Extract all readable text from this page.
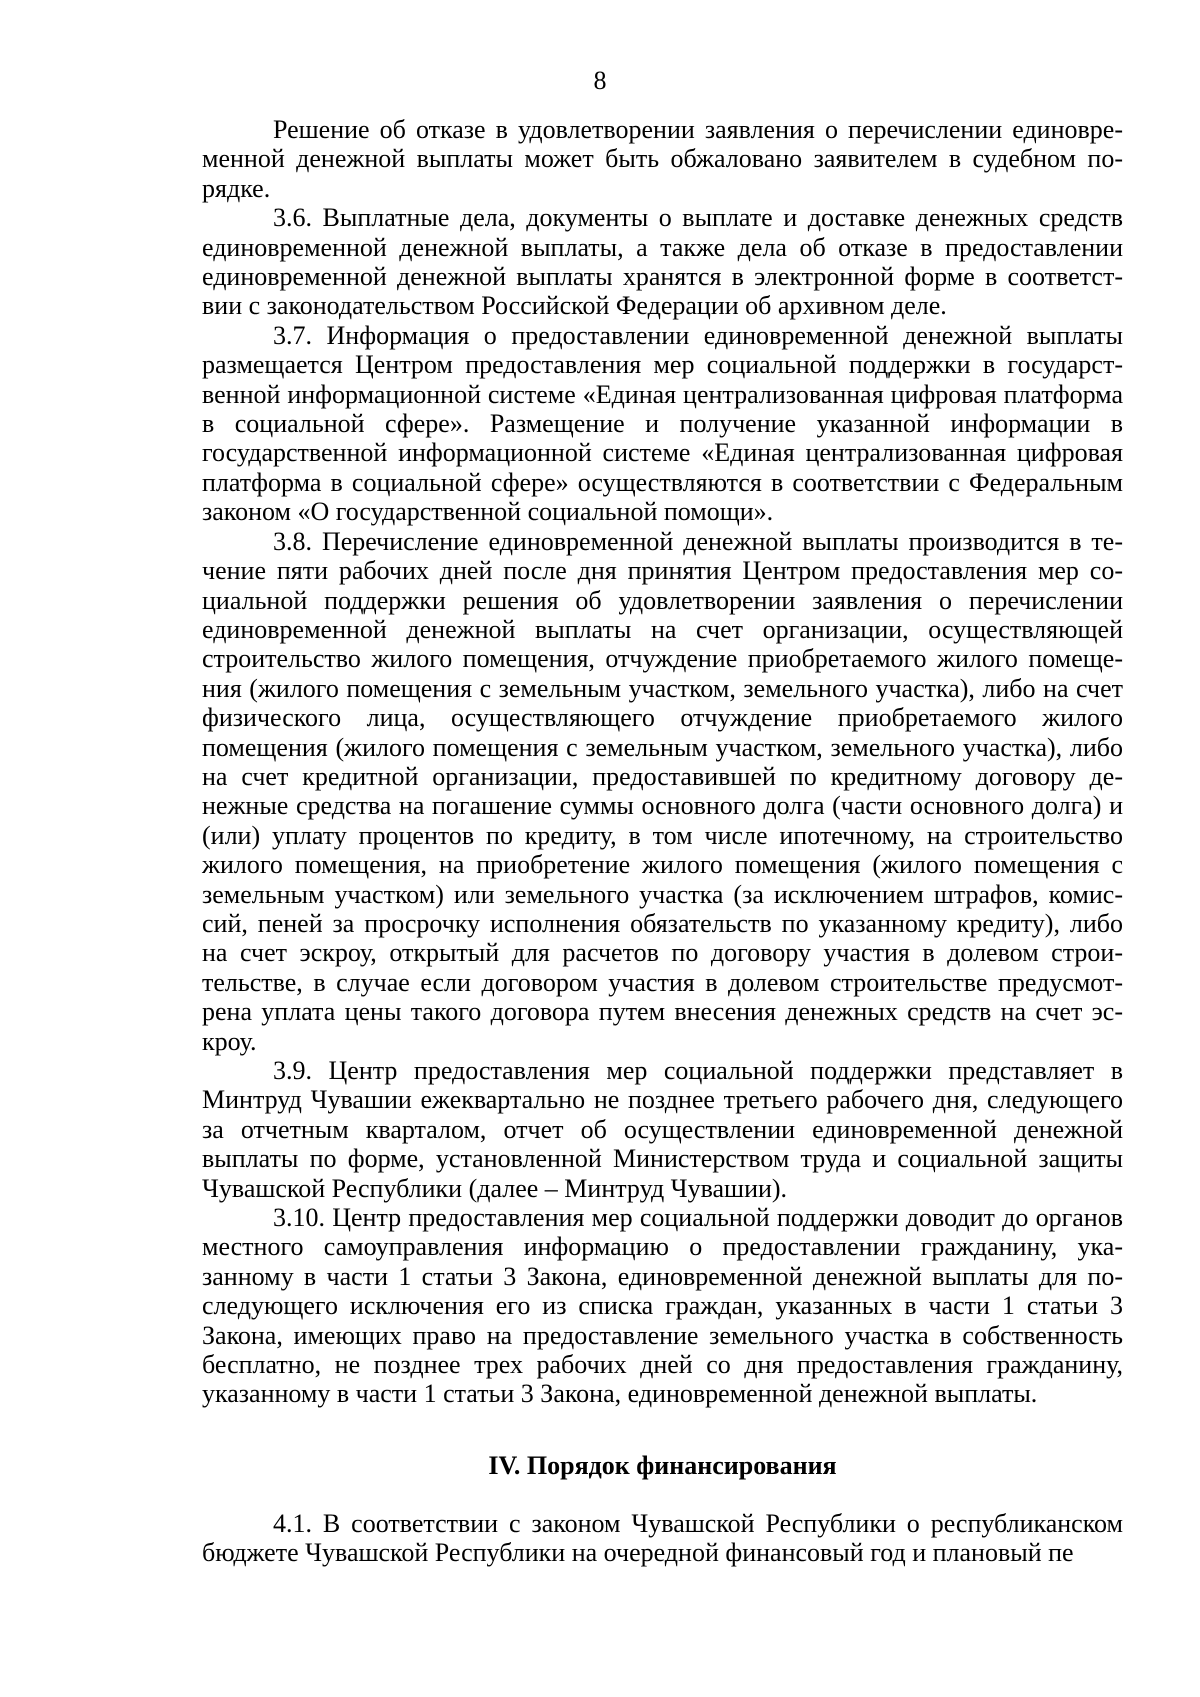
8

Решение об отказе в удовлетворении заявления о перечислении единовременной денежной выплаты может быть обжаловано заявителем в судебном порядке.

3.6. Выплатные дела, документы о выплате и доставке денежных средств единовременной денежной выплаты, а также дела об отказе в предоставлении единовременной денежной выплаты хранятся в электронной форме в соответствии с законодательством Российской Федерации об архивном деле.

3.7. Информация о предоставлении единовременной денежной выплаты размещается Центром предоставления мер социальной поддержки в государственной информационной системе «Единая централизованная цифровая платформа в социальной сфере». Размещение и получение указанной информации в государственной информационной системе «Единая централизованная цифровая платформа в социальной сфере» осуществляются в соответствии с Федеральным законом «О государственной социальной помощи».

3.8. Перечисление единовременной денежной выплаты производится в течение пяти рабочих дней после дня принятия Центром предоставления мер социальной поддержки решения об удовлетворении заявления о перечислении единовременной денежной выплаты на счет организации, осуществляющей строительство жилого помещения, отчуждение приобретаемого жилого помещения (жилого помещения с земельным участком, земельного участка), либо на счет физического лица, осуществляющего отчуждение приобретаемого жилого помещения (жилого помещения с земельным участком, земельного участка), либо на счет кредитной организации, предоставившей по кредитному договору денежные средства на погашение суммы основного долга (части основного долга) и (или) уплату процентов по кредиту, в том числе ипотечному, на строительство жилого помещения, на приобретение жилого помещения (жилого помещения с земельным участком) или земельного участка (за исключением штрафов, комиссий, пеней за просрочку исполнения обязательств по указанному кредиту), либо на счет эскроу, открытый для расчетов по договору участия в долевом строительстве, в случае если договором участия в долевом строительстве предусмотрена уплата цены такого договора путем внесения денежных средств на счет эскроу.

3.9. Центр предоставления мер социальной поддержки представляет в Минтруд Чувашии ежеквартально не позднее третьего рабочего дня, следующего за отчетным кварталом, отчет об осуществлении единовременной денежной выплаты по форме, установленной Министерством труда и социальной защиты Чувашской Республики (далее – Минтруд Чувашии).

3.10. Центр предоставления мер социальной поддержки доводит до органов местного самоуправления информацию о предоставлении гражданину, указанному в части 1 статьи 3 Закона, единовременной денежной выплаты для последующего исключения его из списка граждан, указанных в части 1 статьи 3 Закона, имеющих право на предоставление земельного участка в собственность бесплатно, не позднее трех рабочих дней со дня предоставления гражданину, указанному в части 1 статьи 3 Закона, единовременной денежной выплаты.

IV. Порядок финансирования

4.1. В соответствии с законом Чувашской Республики о республиканском бюджете Чувашской Республики на очередной финансовый год и плановый пе
